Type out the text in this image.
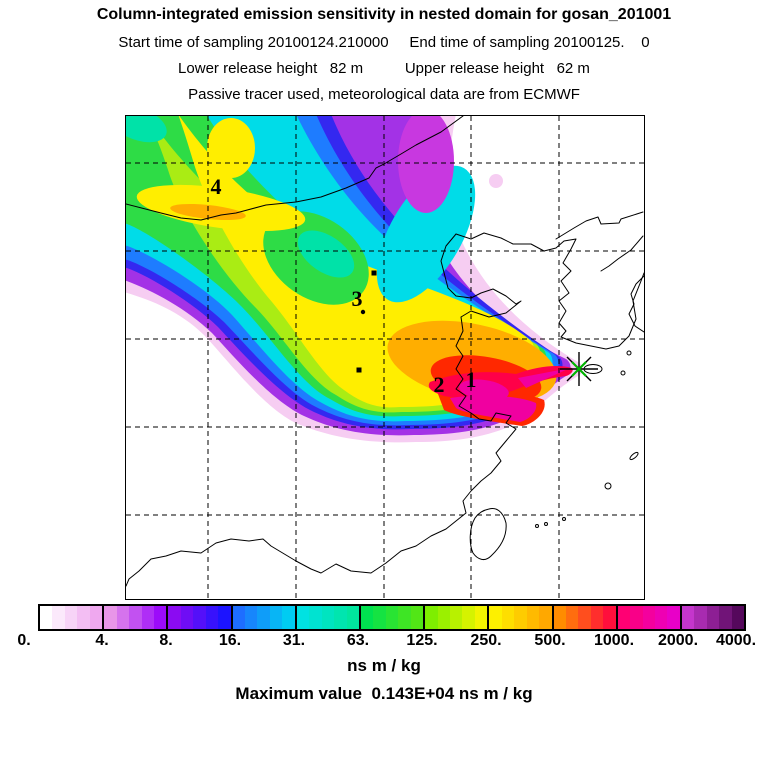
Column-integrated emission sensitivity in nested domain for gosan_201001
Start time of sampling 20100124.210000     End time of sampling 20100125.    0
Lower release height   82 m          Upper release height   62 m
Passive tracer used, meteorological data are from ECMWF
4
3
2 1
0.	4.	8.	16.	31.	63. 125. 250. 500. 1000. 2000. 4000.
ns m / kg
Maximum value  0.143E+04 ns m / kg
